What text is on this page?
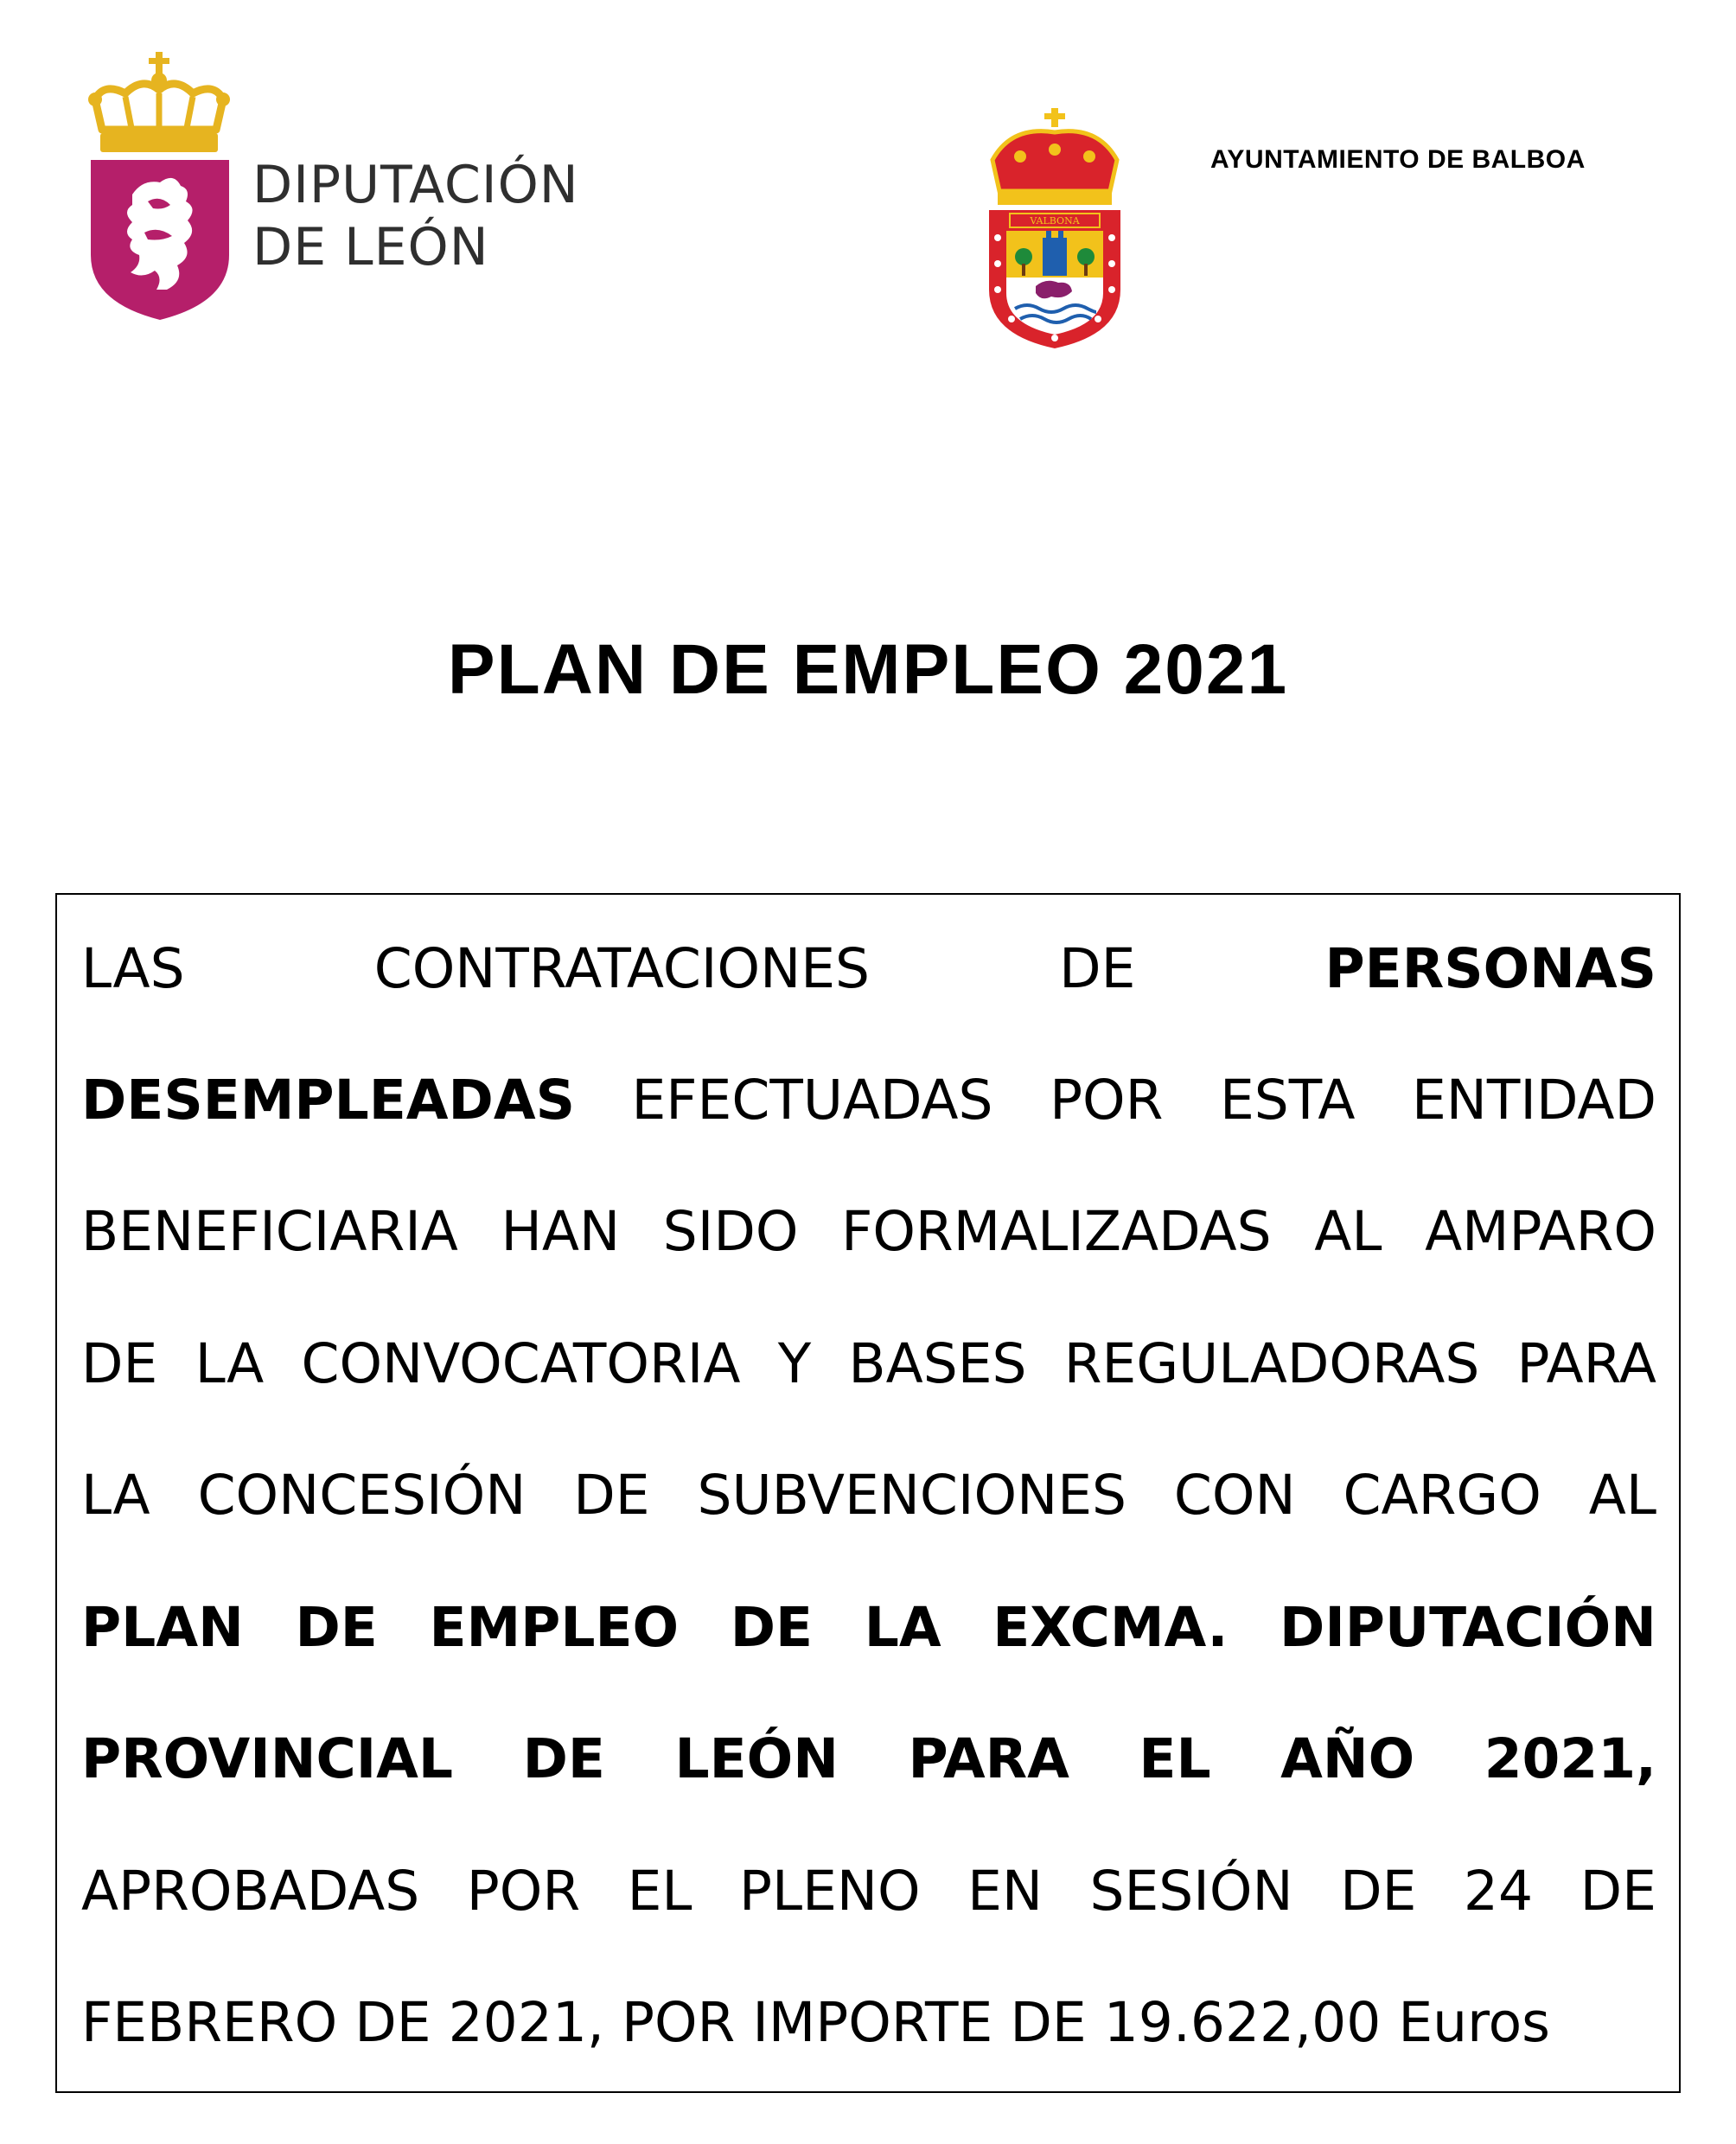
DIPUTACIÓN
DE LEÓN	VALBONA
AYUNTAMIENTO DE BALBOA
PLAN DE EMPLEO 2021
LAS	CONTRATACIONES	DE	PERSONAS
DESEMPLEADAS EFECTUADAS POR ESTA ENTIDAD
BENEFICIARIA HAN SIDO FORMALIZADAS AL AMPARO
DE LA CONVOCATORIA Y BASES REGULADORAS PARA
LA CONCESIÓN DE SUBVENCIONES CON CARGO AL
PLAN DE EMPLEO DE LA EXCMA. DIPUTACIÓN
PROVINCIAL DE LEÓN PARA EL AÑO 2021,
APROBADAS POR EL PLENO EN SESIÓN DE 24 DE
FEBRERO DE 2021, POR IMPORTE DE 19.622,00 Euros
